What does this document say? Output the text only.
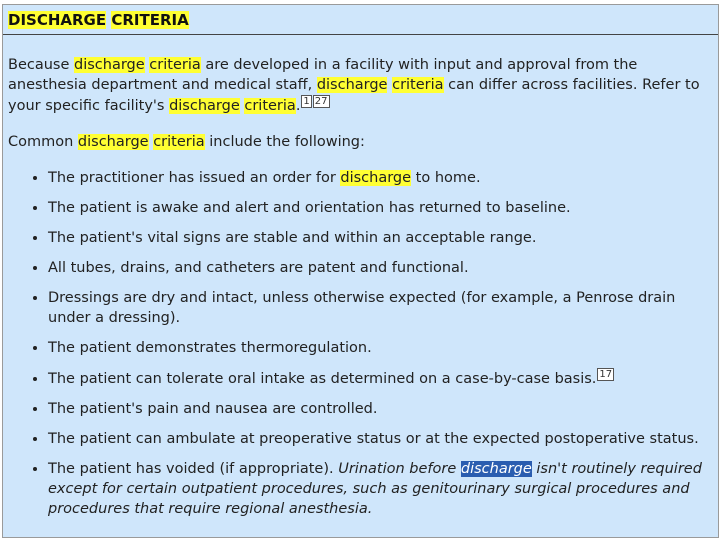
DISCHARGE CRITERIA

Because discharge criteria are developed in a facility with input and approval from the anesthesia department and medical staff, discharge criteria can differ across facilities. Refer to your specific facility's discharge criteria. 1 27

Common discharge criteria include the following:

• The practitioner has issued an order for discharge to home.
• The patient is awake and alert and orientation has returned to baseline.
• The patient's vital signs are stable and within an acceptable range.
• All tubes, drains, and catheters are patent and functional.
• Dressings are dry and intact, unless otherwise expected (for example, a Penrose drain under a dressing).
• The patient demonstrates thermoregulation.
• The patient can tolerate oral intake as determined on a case-by-case basis. 17
• The patient's pain and nausea are controlled.
• The patient can ambulate at preoperative status or at the expected postoperative status.
• The patient has voided (if appropriate). Urination before discharge isn't routinely required except for certain outpatient procedures, such as genitourinary surgical procedures and procedures that require regional anesthesia.
